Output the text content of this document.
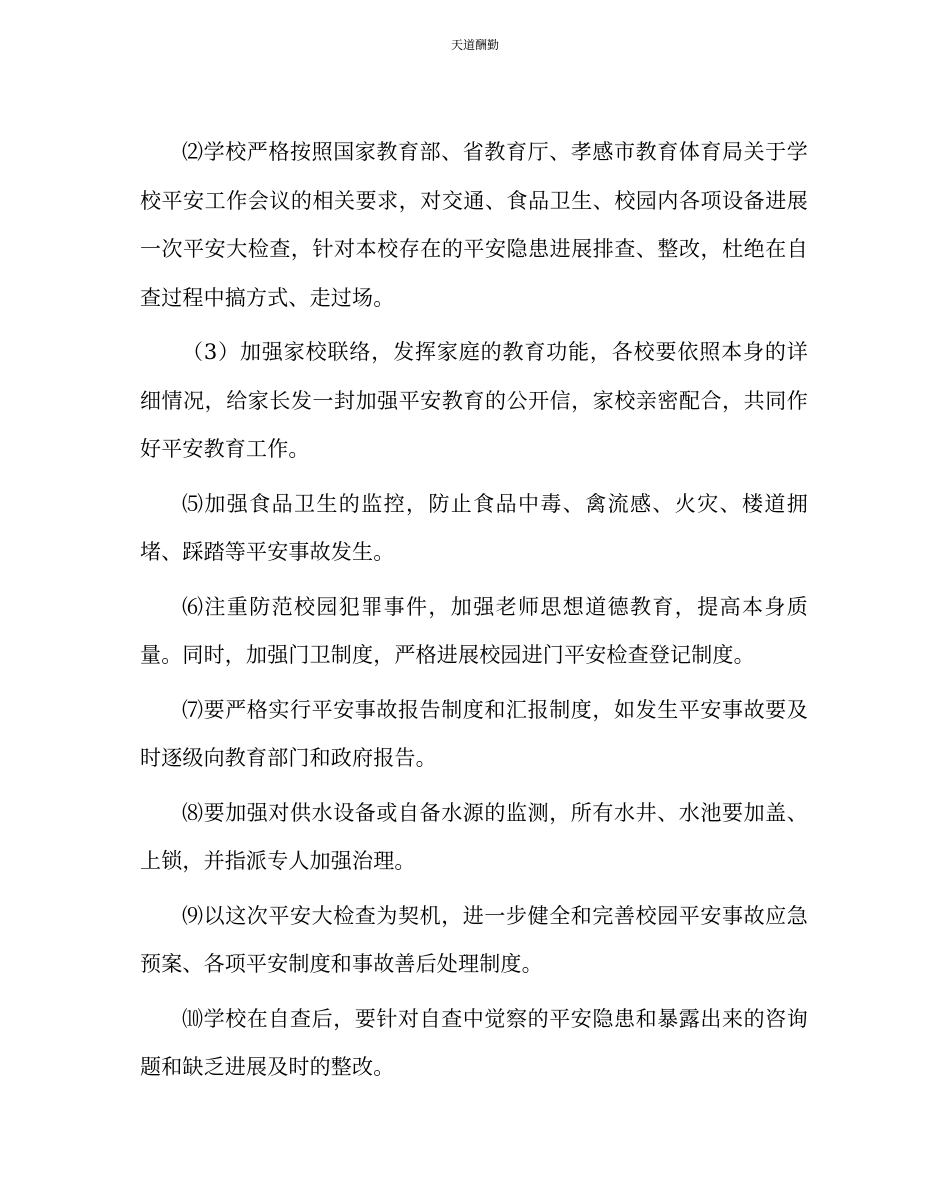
天道酬勤

⑵学校严格按照国家教育部、省教育厅、孝感市教育体育局关于学校平安工作会议的相关要求，对交通、食品卫生、校园内各项设备进展一次平安大检查，针对本校存在的平安隐患进展排查、整改，杜绝在自查过程中搞方式、走过场。

（3）加强家校联络，发挥家庭的教育功能，各校要依照本身的详细情况，给家长发一封加强平安教育的公开信，家校亲密配合，共同作好平安教育工作。

⑸加强食品卫生的监控，防止食品中毒、禽流感、火灾、楼道拥堵、踩踏等平安事故发生。

⑹注重防范校园犯罪事件，加强老师思想道德教育，提高本身质量。同时，加强门卫制度，严格进展校园进门平安检查登记制度。

⑺要严格实行平安事故报告制度和汇报制度，如发生平安事故要及时逐级向教育部门和政府报告。

⑻要加强对供水设备或自备水源的监测，所有水井、水池要加盖、上锁，并指派专人加强治理。

⑼以这次平安大检查为契机，进一步健全和完善校园平安事故应急预案、各项平安制度和事故善后处理制度。

⑽学校在自查后，要针对自查中觉察的平安隐患和暴露出来的咨询题和缺乏进展及时的整改。
